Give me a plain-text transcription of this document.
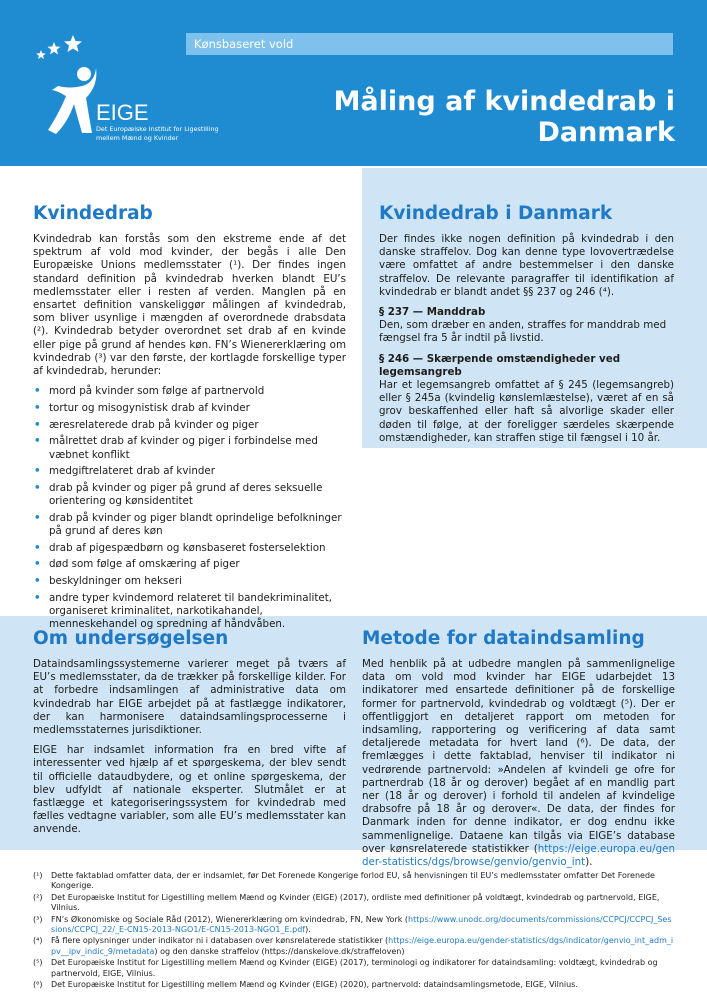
Kønsbaseret vold
EIGE
Det Europæiske Institut for Ligestilling
mellem Mænd og Kvinder
Måling af kvindedrab i
Danmark
Kvindedrab

Kvindedrab kan forstås som den ekstreme ende af det spektrum af vold mod kvinder, der begås i alle Den Europæiske Unions medlemsstater (¹). Der findes ingen standard definition på kvindedrab hverken blandt EU’s medlemsstater eller i resten af verden. Manglen på en ensartet definition vanskeliggør målingen af kvindedrab, som bliver usynlige i mængden af overordnede drabsdata (²). Kvindedrab betyder overordnet set drab af en kvinde eller pige på grund af hendes køn. FN’s Wienererklæring om kvindedrab (³) var den første, der kortlagde forskellige typer af kvindedrab, herunder:

• mord på kvinder som følge af partnervold
• tortur og misogynistisk drab af kvinder
• æresrelaterede drab på kvinder og piger
• målrettet drab af kvinder og piger i forbindelse med væbnet konflikt
• medgiftrelateret drab af kvinder
• drab på kvinder og piger på grund af deres seksuelle orientering og kønsidentitet
• drab på kvinder og piger blandt oprindelige befolkninger på grund af deres køn
• drab af pigespædbørn og kønsbaseret fosterselektion
• død som følge af omskæring af piger
• beskyldninger om hekseri
• andre typer kvindemord relateret til bandekriminalitet, organiseret kriminalitet, narkotikahandel, menneskehandel og spredning af håndvåben.
Kvindedrab i Danmark

Der findes ikke nogen definition på kvindedrab i den danske straffelov. Dog kan denne type lovovertrædelse være omfattet af andre bestemmelser i den danske straffelov. De relevante paragraffer til identifikation af kvindedrab er blandt andet §§ 237 og 246 (⁴).

§ 237 — Manddrab

Den, som dræber en anden, straffes for manddrab med fængsel fra 5 år indtil på livstid.

§ 246 — Skærpende omstændigheder ved legemsangreb

Har et legemsangreb omfattet af § 245 (legemsangreb) eller § 245a (kvindelig kønslemlæstelse), været af en så grov beskaffenhed eller haft så alvorlige skader eller døden til følge, at der foreligger særdeles skærpende omstændigheder, kan straffen stige til fængsel i 10 år.

Om undersøgelsen

Dataindsamlingssystemerne varierer meget på tværs af EU’s medlemsstater, da de trækker på forskellige kilder. For at forbedre indsamlingen af administrative data om kvindedrab har EIGE arbejdet på at fastlægge indikatorer, der kan harmonisere dataindsamlingsprocesserne i medlemsstaternes jurisdiktioner.

EIGE har indsamlet information fra en bred vifte af interessenter ved hjælp af et spørgeskema, der blev sendt til officielle dataudbydere, og et online spørgeskema, der blev udfyldt af nationale eksperter. Slutmålet er at fastlægge et kategoriseringssystem for kvindedrab med fælles vedtagne variabler, som alle EU’s medlemsstater kan anvende.

Metode for dataindsamling

Med henblik på at udbedre manglen på sammenlignelige data om vold mod kvinder har EIGE udarbejdet 13 indikatorer med ensartede definitioner på de forskellige former for partnervold, kvindedrab og voldtægt (⁵). Der er offentliggjort en detaljeret rapport om metoden for indsamling, rapportering og verificering af data samt detaljerede metadata for hvert land (⁶). De data, der fremlægges i dette faktablad, henviser til indikator ni vedrørende partnervold: »Andelen af kvindeli ge ofre for partnerdrab (18 år og derover) begået af en mandlig part ner (18 år og derover) i forhold til andelen af kvindelige drabsofre på 18 år og derover«. De data, der findes for Danmark inden for denne indikator, er dog endnu ikke sammenlignelige. Dataene kan tilgås via EIGE’s database over kønsrelaterede statistikker (https://eige.europa.eu/gender-statistics/dgs/browse/genvio/genvio_int).

(¹)	Dette faktablad omfatter data, der er indsamlet, før Det Forenede Kongerige forlod EU, så henvisningen til EU’s medlemsstater omfatter Det Forenede Kongerige.
(²)	Det Europæiske Institut for Ligestilling mellem Mænd og Kvinder (EIGE) (2017), ordliste med definitioner på voldtægt, kvindedrab og partnervold, EIGE, Vilnius.
(³)	FN’s Økonomiske og Sociale Råd (2012), Wienererklæring om kvindedrab, FN, New York (https://www.unodc.org/documents/commissions/CCPCJ/CCPCJ_Sessions/CCPCJ_22/_E-CN15-2013-NGO1/E-CN15-2013-NGO1_E.pdf).
(⁴)	Få flere oplysninger under indikator ni i databasen over kønsrelaterede statistikker (https://eige.europa.eu/gender-statistics/dgs/indicator/genvio_int_adm_ipv__ipv_indic_9/metadata) og den danske straffelov (https://danskelove.dk/straffeloven)
(⁵)	Det Europæiske Institut for Ligestilling mellem Mænd og Kvinder (EIGE) (2017), terminologi og indikatorer for dataindsamling: voldtægt, kvindedrab og partnervold, EIGE, Vilnius.
(⁶)	Det Europæiske Institut for Ligestilling mellem Mænd og Kvinder (EIGE) (2020), partnervold: dataindsamlingsmetode, EIGE, Vilnius.
